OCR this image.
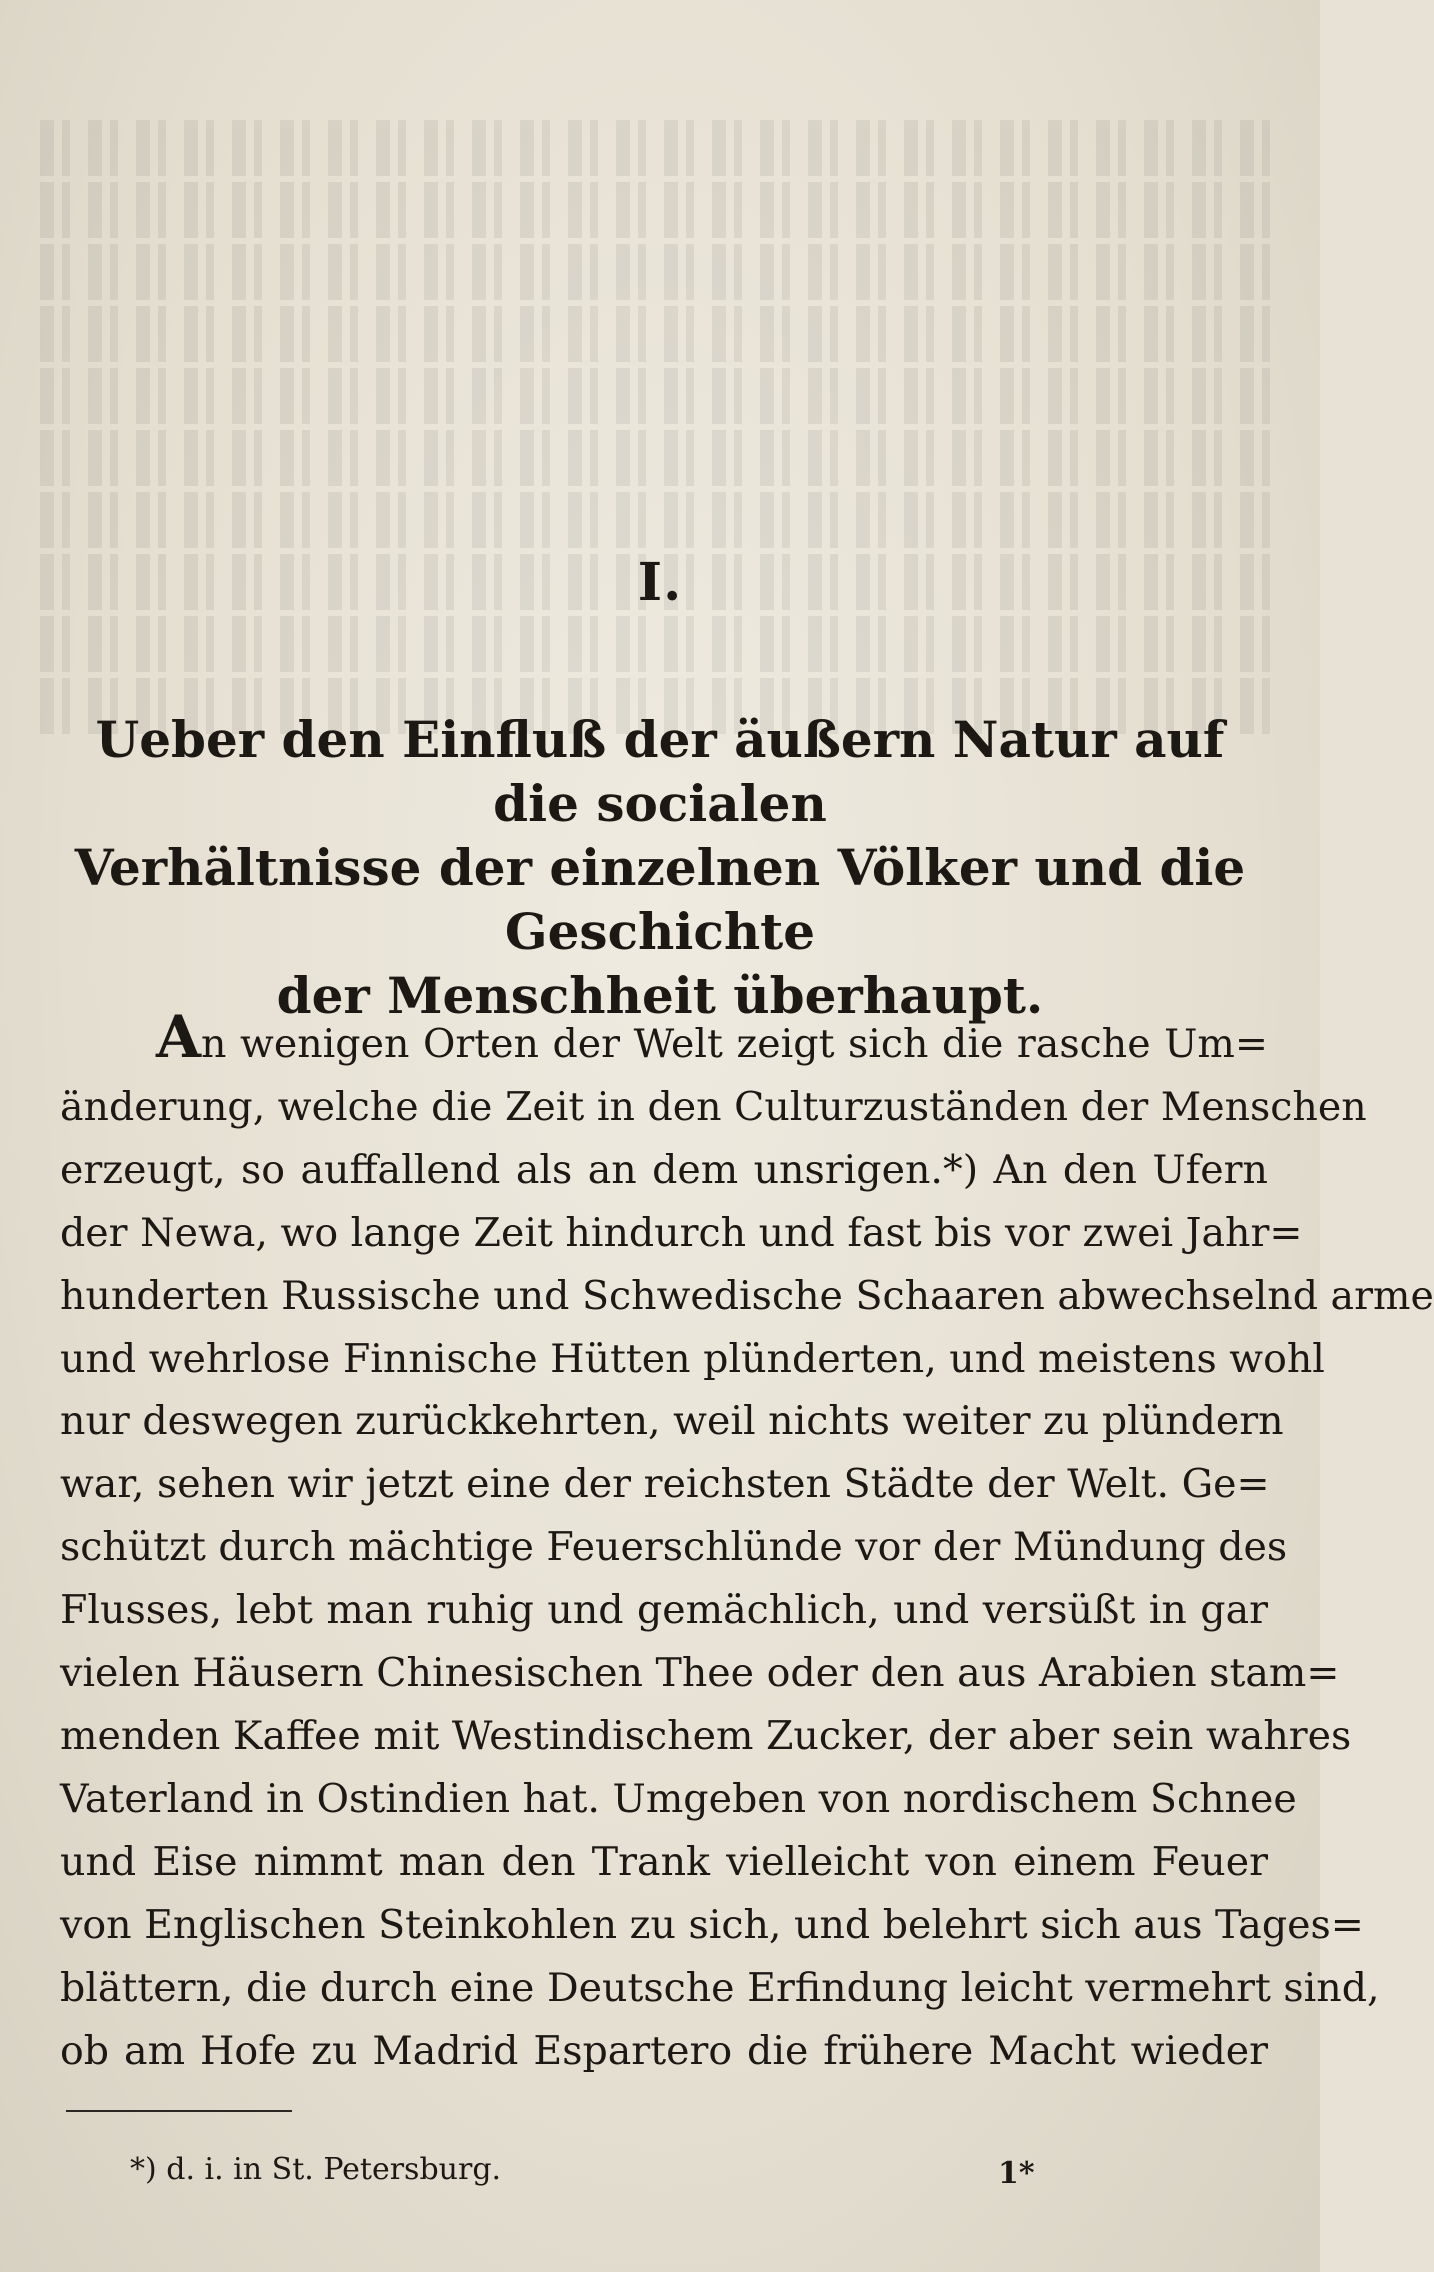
I.
Ueber den Einfluß der äußern Natur auf die socialen
Verhältnisse der einzelnen Völker und die Geschichte
der Menschheit überhaupt.
An wenigen Orten der Welt zeigt sich die rasche Um=
änderung, welche die Zeit in den Culturzuständen der Menschen
erzeugt, so auffallend als an dem unsrigen.*) An den Ufern
der Newa, wo lange Zeit hindurch und fast bis vor zwei Jahr=
hunderten Russische und Schwedische Schaaren abwechselnd arme
und wehrlose Finnische Hütten plünderten, und meistens wohl
nur deswegen zurückkehrten, weil nichts weiter zu plündern
war, sehen wir jetzt eine der reichsten Städte der Welt. Ge=
schützt durch mächtige Feuerschlünde vor der Mündung des
Flusses, lebt man ruhig und gemächlich, und versüßt in gar
vielen Häusern Chinesischen Thee oder den aus Arabien stam=
menden Kaffee mit Westindischem Zucker, der aber sein wahres
Vaterland in Ostindien hat. Umgeben von nordischem Schnee
und Eise nimmt man den Trank vielleicht von einem Feuer
von Englischen Steinkohlen zu sich, und belehrt sich aus Tages=
blättern, die durch eine Deutsche Erfindung leicht vermehrt sind,
ob am Hofe zu Madrid Espartero die frühere Macht wieder
*) d. i. in St. Petersburg.	1*
